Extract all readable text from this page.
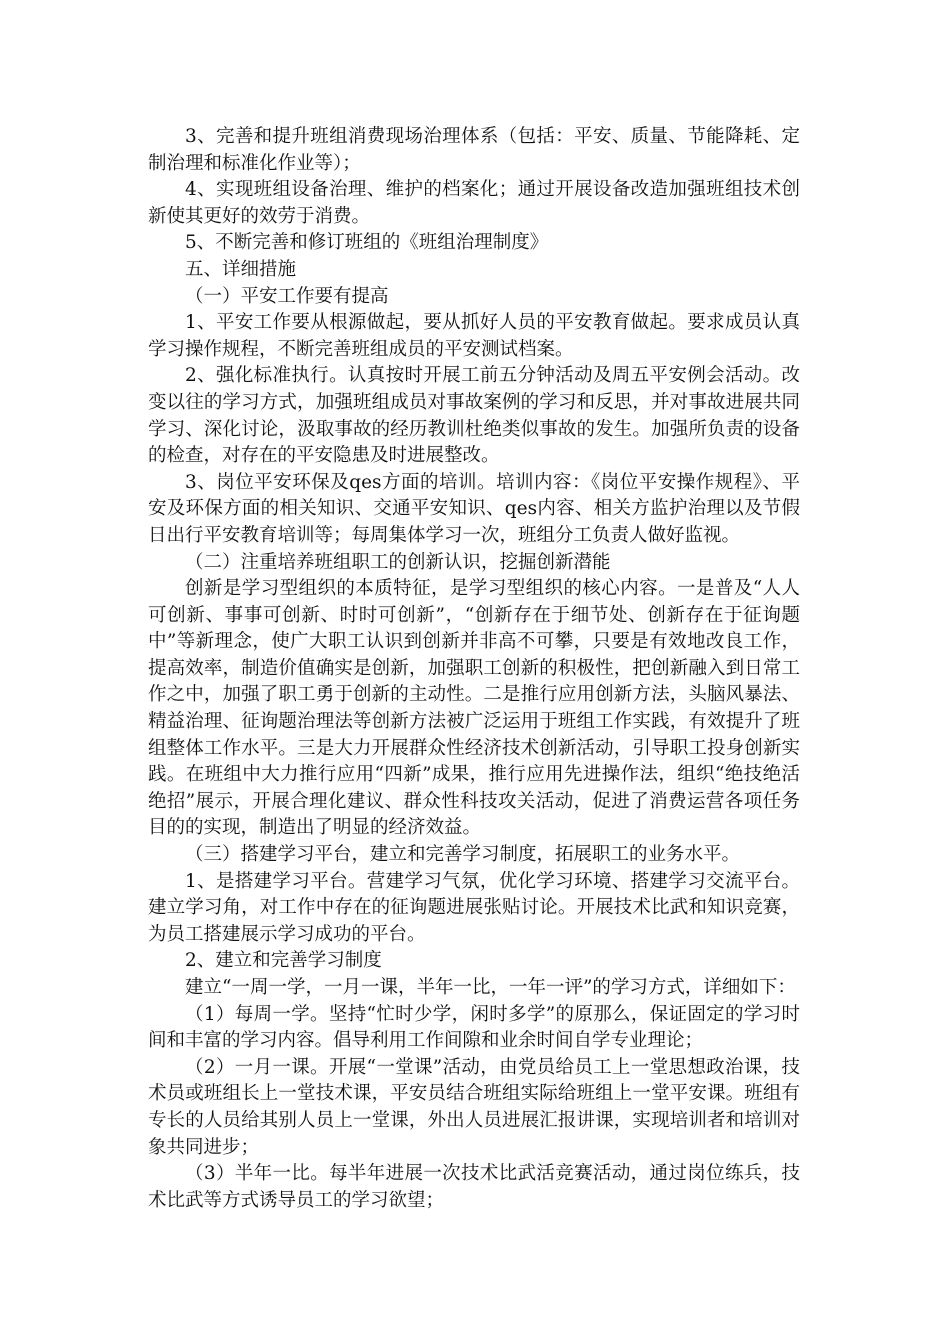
3、完善和提升班组消费现场治理体系（包括：平安、质量、节能降耗、定制治理和标准化作业等）；

4、实现班组设备治理、维护的档案化；通过开展设备改造加强班组技术创新使其更好的效劳于消费。

5、不断完善和修订班组的《班组治理制度》

五、详细措施

（一）平安工作要有提高

1、平安工作要从根源做起，要从抓好人员的平安教育做起。要求成员认真学习操作规程，不断完善班组成员的平安测试档案。

2、强化标准执行。认真按时开展工前五分钟活动及周五平安例会活动。改变以往的学习方式，加强班组成员对事故案例的学习和反思，并对事故进展共同学习、深化讨论，汲取事故的经历教训杜绝类似事故的发生。加强所负责的设备的检查，对存在的平安隐患及时进展整改。

3、岗位平安环保及qes方面的培训。培训内容：《岗位平安操作规程》、平安及环保方面的相关知识、交通平安知识、qes内容、相关方监护治理以及节假日出行平安教育培训等；每周集体学习一次，班组分工负责人做好监视。

（二）注重培养班组职工的创新认识，挖掘创新潜能

创新是学习型组织的本质特征，是学习型组织的核心内容。一是普及“人人可创新、事事可创新、时时可创新”，“创新存在于细节处、创新存在于征询题中”等新理念，使广大职工认识到创新并非高不可攀，只要是有效地改良工作，提高效率，制造价值确实是创新，加强职工创新的积极性，把创新融入到日常工作之中，加强了职工勇于创新的主动性。二是推行应用创新方法，头脑风暴法、精益治理、征询题治理法等创新方法被广泛运用于班组工作实践，有效提升了班组整体工作水平。三是大力开展群众性经济技术创新活动，引导职工投身创新实践。在班组中大力推行应用“四新”成果，推行应用先进操作法，组织“绝技绝活绝招”展示，开展合理化建议、群众性科技攻关活动，促进了消费运营各项任务目的的实现，制造出了明显的经济效益。

（三）搭建学习平台，建立和完善学习制度，拓展职工的业务水平。

1、是搭建学习平台。营建学习气氛，优化学习环境、搭建学习交流平台。建立学习角，对工作中存在的征询题进展张贴讨论。开展技术比武和知识竞赛，为员工搭建展示学习成功的平台。

2、建立和完善学习制度

建立“一周一学，一月一课，半年一比，一年一评”的学习方式，详细如下：

（1）每周一学。坚持“忙时少学，闲时多学”的原那么，保证固定的学习时间和丰富的学习内容。倡导利用工作间隙和业余时间自学专业理论；

（2）一月一课。开展“一堂课”活动，由党员给员工上一堂思想政治课，技术员或班组长上一堂技术课，平安员结合班组实际给班组上一堂平安课。班组有专长的人员给其别人员上一堂课，外出人员进展汇报讲课，实现培训者和培训对象共同进步；

（3）半年一比。每半年进展一次技术比武活竞赛活动，通过岗位练兵，技术比武等方式诱导员工的学习欲望；
